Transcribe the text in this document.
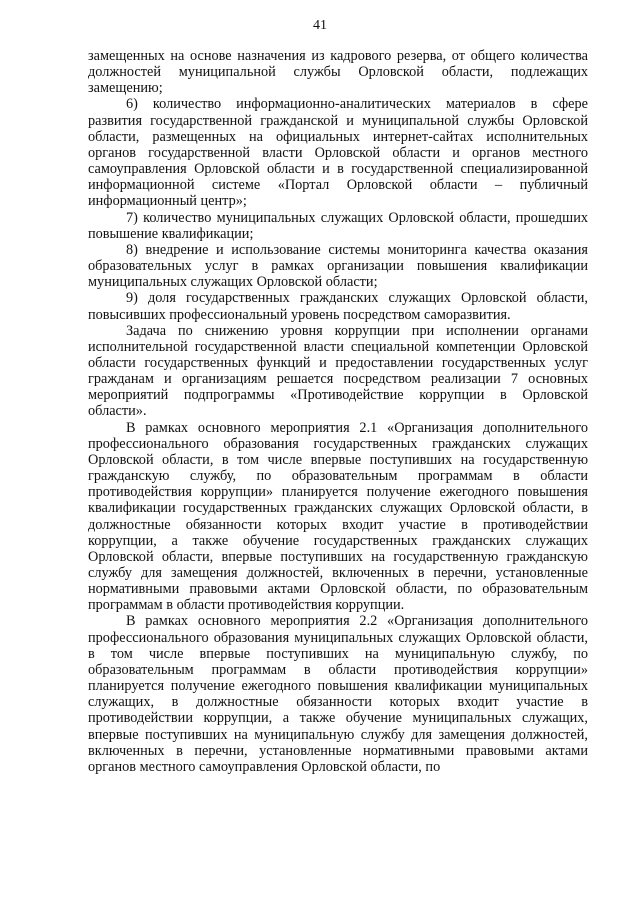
41

замещенных на основе назначения из кадрового резерва, от общего количества должностей муниципальной службы Орловской области, подлежащих замещению;

6) количество информационно-аналитических материалов в сфере развития государственной гражданской и муниципальной службы Орловской области, размещенных на официальных интернет-сайтах исполнительных органов государственной власти Орловской области и органов местного самоуправления Орловской области и в государственной специализированной информационной системе «Портал Орловской области – публичный информационный центр»;

7) количество муниципальных служащих Орловской области, прошедших повышение квалификации;

8) внедрение и использование системы мониторинга качества оказания образовательных услуг в рамках организации повышения квалификации муниципальных служащих Орловской области;

9) доля государственных гражданских служащих Орловской области, повысивших профессиональный уровень посредством саморазвития.

Задача по снижению уровня коррупции при исполнении органами исполнительной государственной власти специальной компетенции Орловской области государственных функций и предоставлении государственных услуг гражданам и организациям решается посредством реализации 7 основных мероприятий подпрограммы «Противодействие коррупции в Орловской области».

В рамках основного мероприятия 2.1 «Организация дополнительного профессионального образования государственных гражданских служащих Орловской области, в том числе впервые поступивших на государственную гражданскую службу, по образовательным программам в области противодействия коррупции» планируется получение ежегодного повышения квалификации государственных гражданских служащих Орловской области, в должностные обязанности которых входит участие в противодействии коррупции, а также обучение государственных гражданских служащих Орловской области, впервые поступивших на государственную гражданскую службу для замещения должностей, включенных в перечни, установленные нормативными правовыми актами Орловской области, по образовательным программам в области противодействия коррупции.

В рамках основного мероприятия 2.2 «Организация дополнительного профессионального образования муниципальных служащих Орловской области, в том числе впервые поступивших на муниципальную службу, по образовательным программам в области противодействия коррупции» планируется получение ежегодного повышения квалификации муниципальных служащих, в должностные обязанности которых входит участие в противодействии коррупции, а также обучение муниципальных служащих, впервые поступивших на муниципальную службу для замещения должностей, включенных в перечни, установленные нормативными правовыми актами органов местного самоуправления Орловской области, по
